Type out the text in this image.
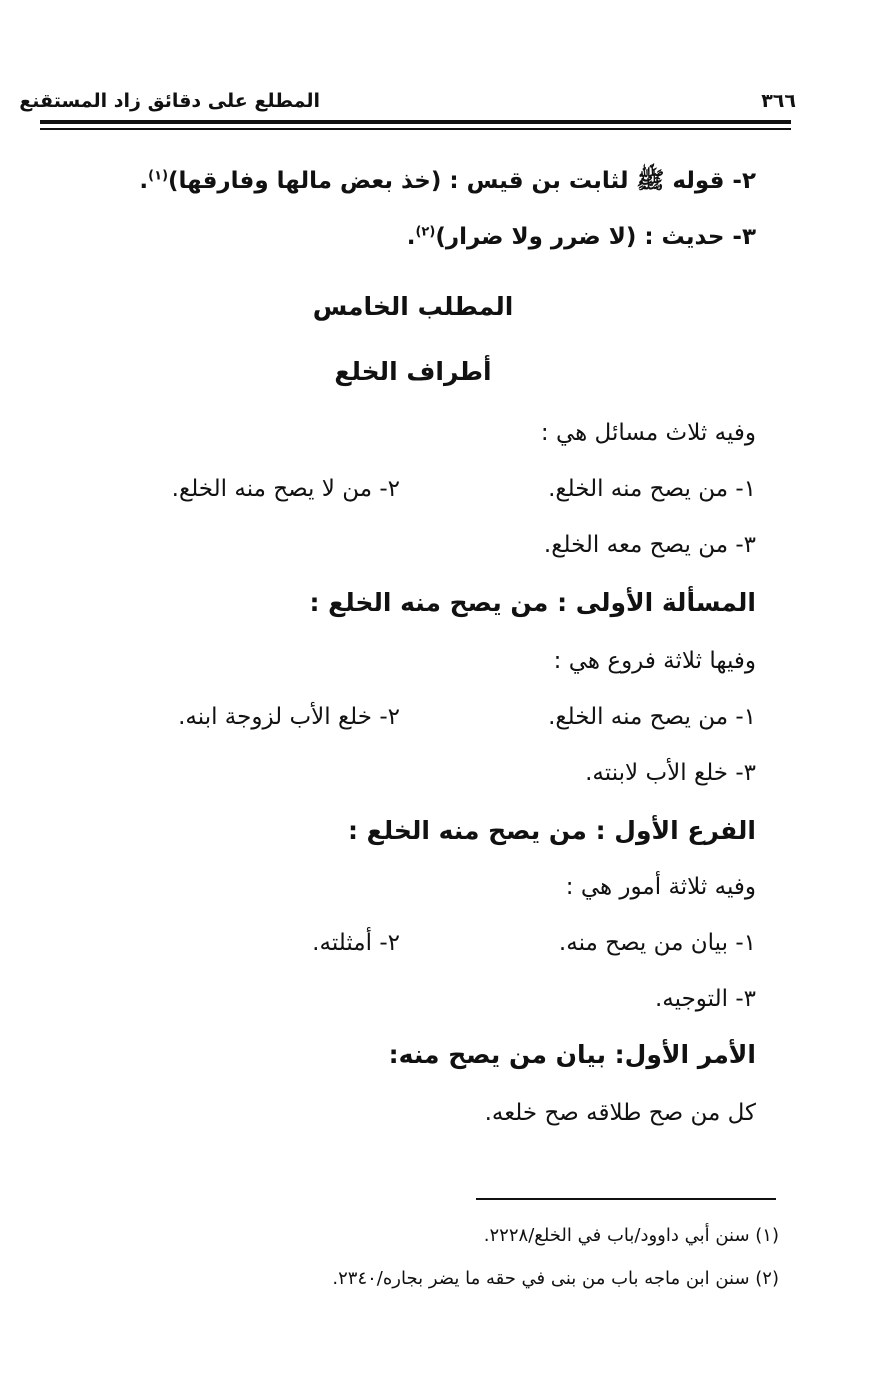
٣٦٦
المطلع على دقائق زاد المستقنع
٢- قوله ﷺ لثابت بن قيس : (خذ بعض مالها وفارقها)$^{(١)}$.
٣- حديث : (لا ضرر ولا ضرار)$^{(٢)}$.
المطلب الخامس
أطراف الخلع
وفيه ثلاث مسائل هي :
١- من يصح منه الخلع.
٢- من لا يصح منه الخلع.
٣- من يصح معه الخلع.
المسألة الأولى : من يصح منه الخلع :
وفيها ثلاثة فروع هي :
١- من يصح منه الخلع.
٢- خلع الأب لزوجة ابنه.
٣- خلع الأب لابنته.
الفرع الأول : من يصح منه الخلع :
وفيه ثلاثة أمور هي :
١- بيان من يصح منه.
٢- أمثلته.
٣- التوجيه.
الأمر الأول: بيان من يصح منه:
كل من صح طلاقه صح خلعه.
(١) سنن أبي داوود/باب في الخلع/٢٢٢٨.
(٢) سنن ابن ماجه باب من بنى في حقه ما يضر بجاره/٢٣٤٠.
